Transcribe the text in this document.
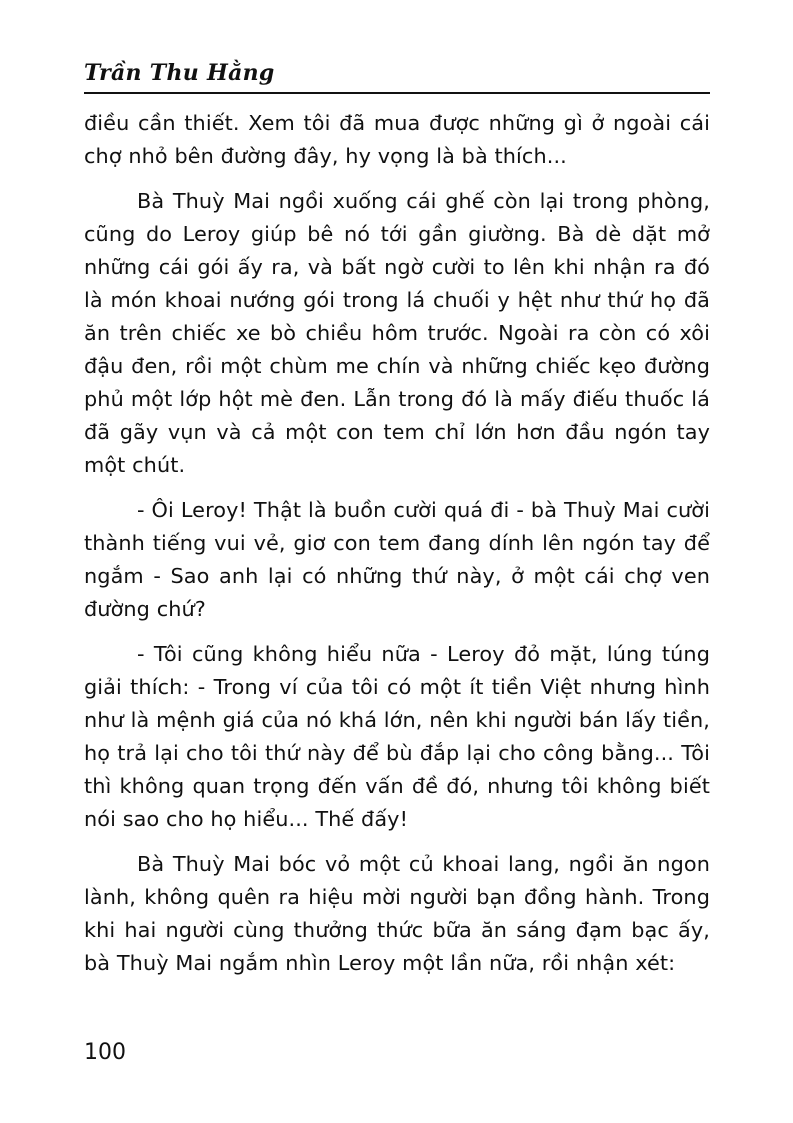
Trần Thu Hằng

điều cần thiết. Xem tôi đã mua được những gì ở ngoài cái chợ nhỏ bên đường đây, hy vọng là bà thích...

Bà Thuỳ Mai ngồi xuống cái ghế còn lại trong phòng, cũng do Leroy giúp bê nó tới gần giường. Bà dè dặt mở những cái gói ấy ra, và bất ngờ cười to lên khi nhận ra đó là món khoai nướng gói trong lá chuối y hệt như thứ họ đã ăn trên chiếc xe bò chiều hôm trước. Ngoài ra còn có xôi đậu đen, rồi một chùm me chín và những chiếc kẹo đường phủ một lớp hột mè đen. Lẫn trong đó là mấy điếu thuốc lá đã gãy vụn và cả một con tem chỉ lớn hơn đầu ngón tay một chút.

- Ôi Leroy! Thật là buồn cười quá đi - bà Thuỳ Mai cười thành tiếng vui vẻ, giơ con tem đang dính lên ngón tay để ngắm - Sao anh lại có những thứ này, ở một cái chợ ven đường chứ?

- Tôi cũng không hiểu nữa - Leroy đỏ mặt, lúng túng giải thích: - Trong ví của tôi có một ít tiền Việt nhưng hình như là mệnh giá của nó khá lớn, nên khi người bán lấy tiền, họ trả lại cho tôi thứ này để bù đắp lại cho công bằng... Tôi thì không quan trọng đến vấn đề đó, nhưng tôi không biết nói sao cho họ hiểu... Thế đấy!

Bà Thuỳ Mai bóc vỏ một củ khoai lang, ngồi ăn ngon lành, không quên ra hiệu mời người bạn đồng hành. Trong khi hai người cùng thưởng thức bữa ăn sáng đạm bạc ấy, bà Thuỳ Mai ngắm nhìn Leroy một lần nữa, rồi nhận xét:

100
